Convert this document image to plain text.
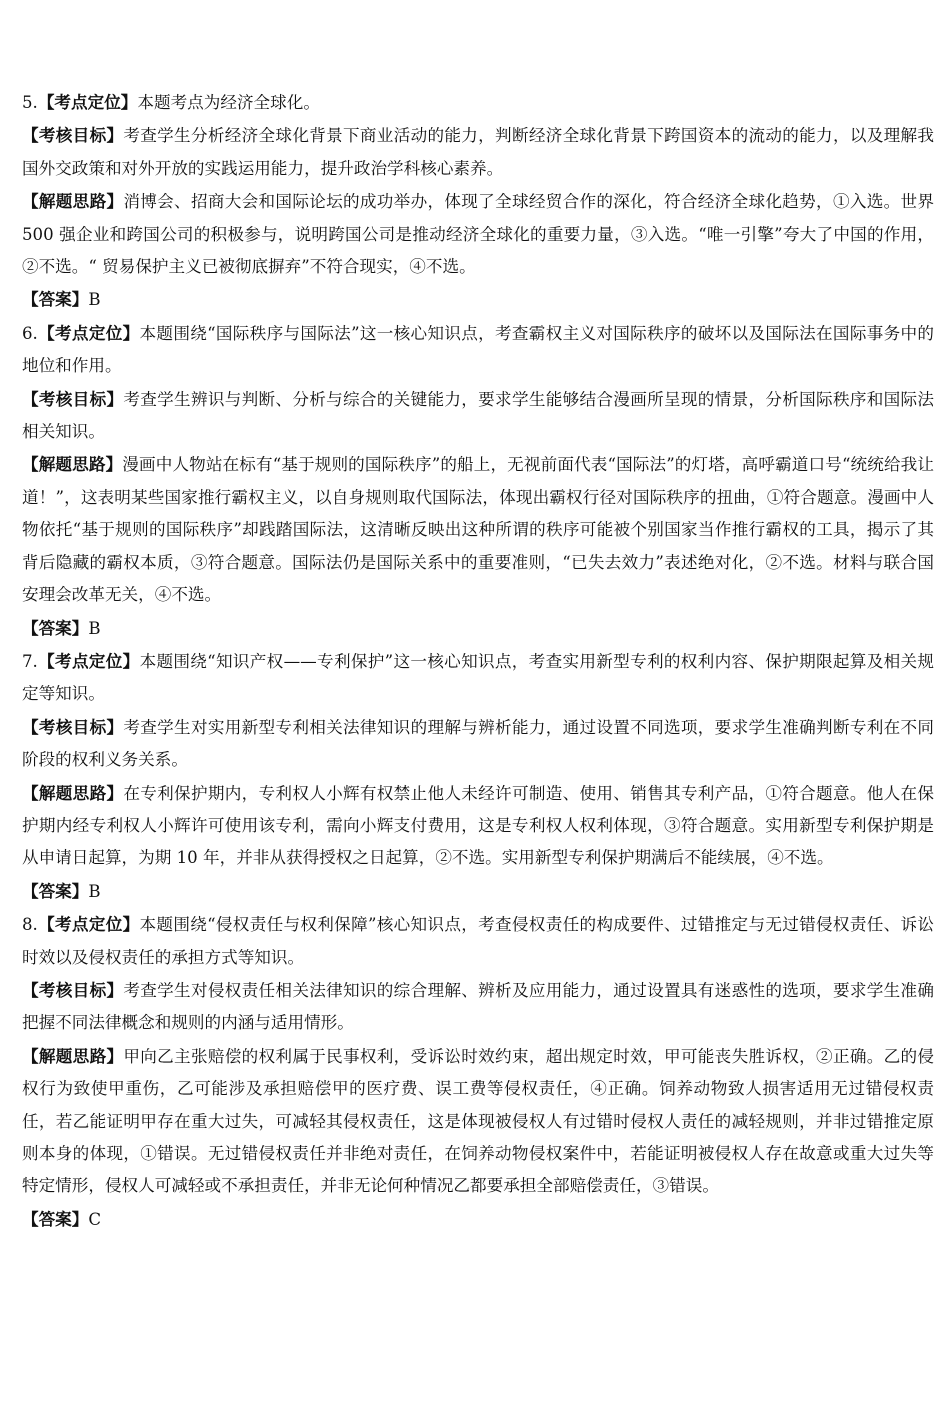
5.【考点定位】本题考点为经济全球化。

【考核目标】考查学生分析经济全球化背景下商业活动的能力，判断经济全球化背景下跨国资本的流动的能力，以及理解我国外交政策和对外开放的实践运用能力，提升政治学科核心素养。

【解题思路】消博会、招商大会和国际论坛的成功举办，体现了全球经贸合作的深化，符合经济全球化趋势，①入选。世界 500 强企业和跨国公司的积极参与，说明跨国公司是推动经济全球化的重要力量，③入选。“唯一引擎”夸大了中国的作用，②不选。“ 贸易保护主义已被彻底摒弃”不符合现实，④不选。

【答案】B

6.【考点定位】本题围绕“国际秩序与国际法”这一核心知识点，考查霸权主义对国际秩序的破坏以及国际法在国际事务中的地位和作用。

【考核目标】考查学生辨识与判断、分析与综合的关键能力，要求学生能够结合漫画所呈现的情景，分析国际秩序和国际法相关知识。

【解题思路】漫画中人物站在标有“基于规则的国际秩序”的船上，无视前面代表“国际法”的灯塔，高呼霸道口号“统统给我让道！”，这表明某些国家推行霸权主义，以自身规则取代国际法，体现出霸权行径对国际秩序的扭曲，①符合题意。漫画中人物依托“基于规则的国际秩序”却践踏国际法，这清晰反映出这种所谓的秩序可能被个别国家当作推行霸权的工具，揭示了其背后隐藏的霸权本质，③符合题意。国际法仍是国际关系中的重要准则，“已失去效力”表述绝对化，②不选。材料与联合国安理会改革无关，④不选。

【答案】B

7.【考点定位】本题围绕“知识产权——专利保护”这一核心知识点，考查实用新型专利的权利内容、保护期限起算及相关规定等知识。

【考核目标】考查学生对实用新型专利相关法律知识的理解与辨析能力，通过设置不同选项，要求学生准确判断专利在不同阶段的权利义务关系。

【解题思路】在专利保护期内，专利权人小辉有权禁止他人未经许可制造、使用、销售其专利产品，①符合题意。他人在保护期内经专利权人小辉许可使用该专利，需向小辉支付费用，这是专利权人权利体现，③符合题意。实用新型专利保护期是从申请日起算，为期 10 年，并非从获得授权之日起算，②不选。实用新型专利保护期满后不能续展，④不选。

【答案】B

8.【考点定位】本题围绕“侵权责任与权利保障”核心知识点，考查侵权责任的构成要件、过错推定与无过错侵权责任、诉讼时效以及侵权责任的承担方式等知识。

【考核目标】考查学生对侵权责任相关法律知识的综合理解、辨析及应用能力，通过设置具有迷惑性的选项，要求学生准确把握不同法律概念和规则的内涵与适用情形。

【解题思路】甲向乙主张赔偿的权利属于民事权利，受诉讼时效约束，超出规定时效，甲可能丧失胜诉权，②正确。乙的侵权行为致使甲重伤，乙可能涉及承担赔偿甲的医疗费、误工费等侵权责任，④正确。饲养动物致人损害适用无过错侵权责任，若乙能证明甲存在重大过失，可减轻其侵权责任，这是体现被侵权人有过错时侵权人责任的减轻规则，并非过错推定原则本身的体现，①错误。无过错侵权责任并非绝对责任，在饲养动物侵权案件中，若能证明被侵权人存在故意或重大过失等特定情形，侵权人可减轻或不承担责任，并非无论何种情况乙都要承担全部赔偿责任，③错误。

【答案】C
